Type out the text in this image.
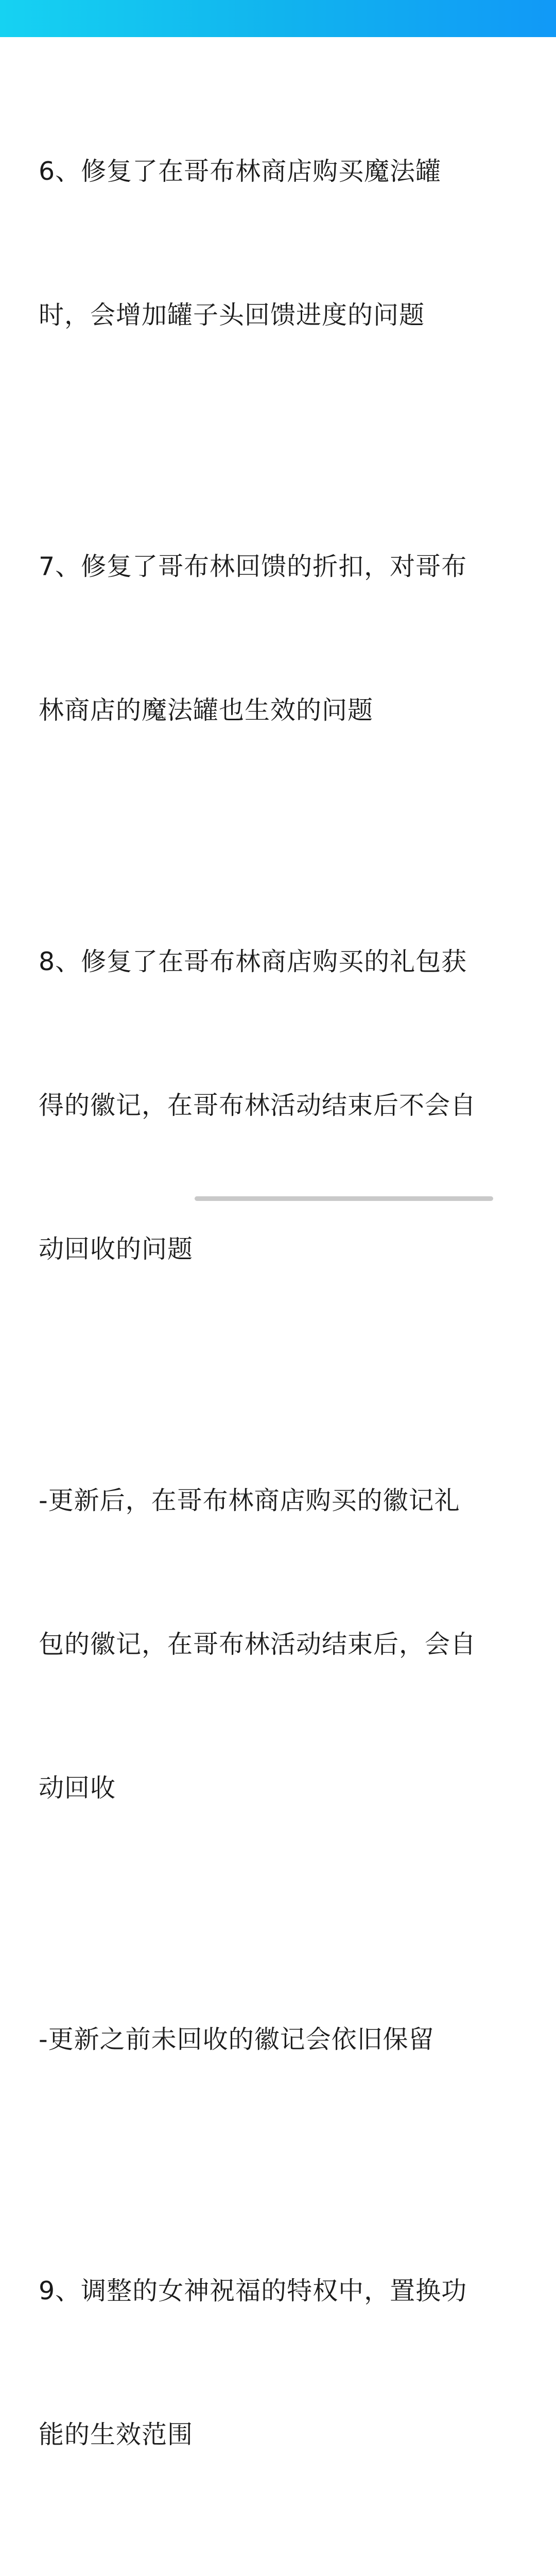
6、修复了在哥布林商店购买魔法罐

时，会增加罐子头回馈进度的问题

7、修复了哥布林回馈的折扣，对哥布

林商店的魔法罐也生效的问题

8、修复了在哥布林商店购买的礼包获

得的徽记，在哥布林活动结束后不会自

动回收的问题

-更新后，在哥布林商店购买的徽记礼

包的徽记，在哥布林活动结束后，会自

动回收

-更新之前未回收的徽记会依旧保留

9、调整的女神祝福的特权中，置换功

能的生效范围
